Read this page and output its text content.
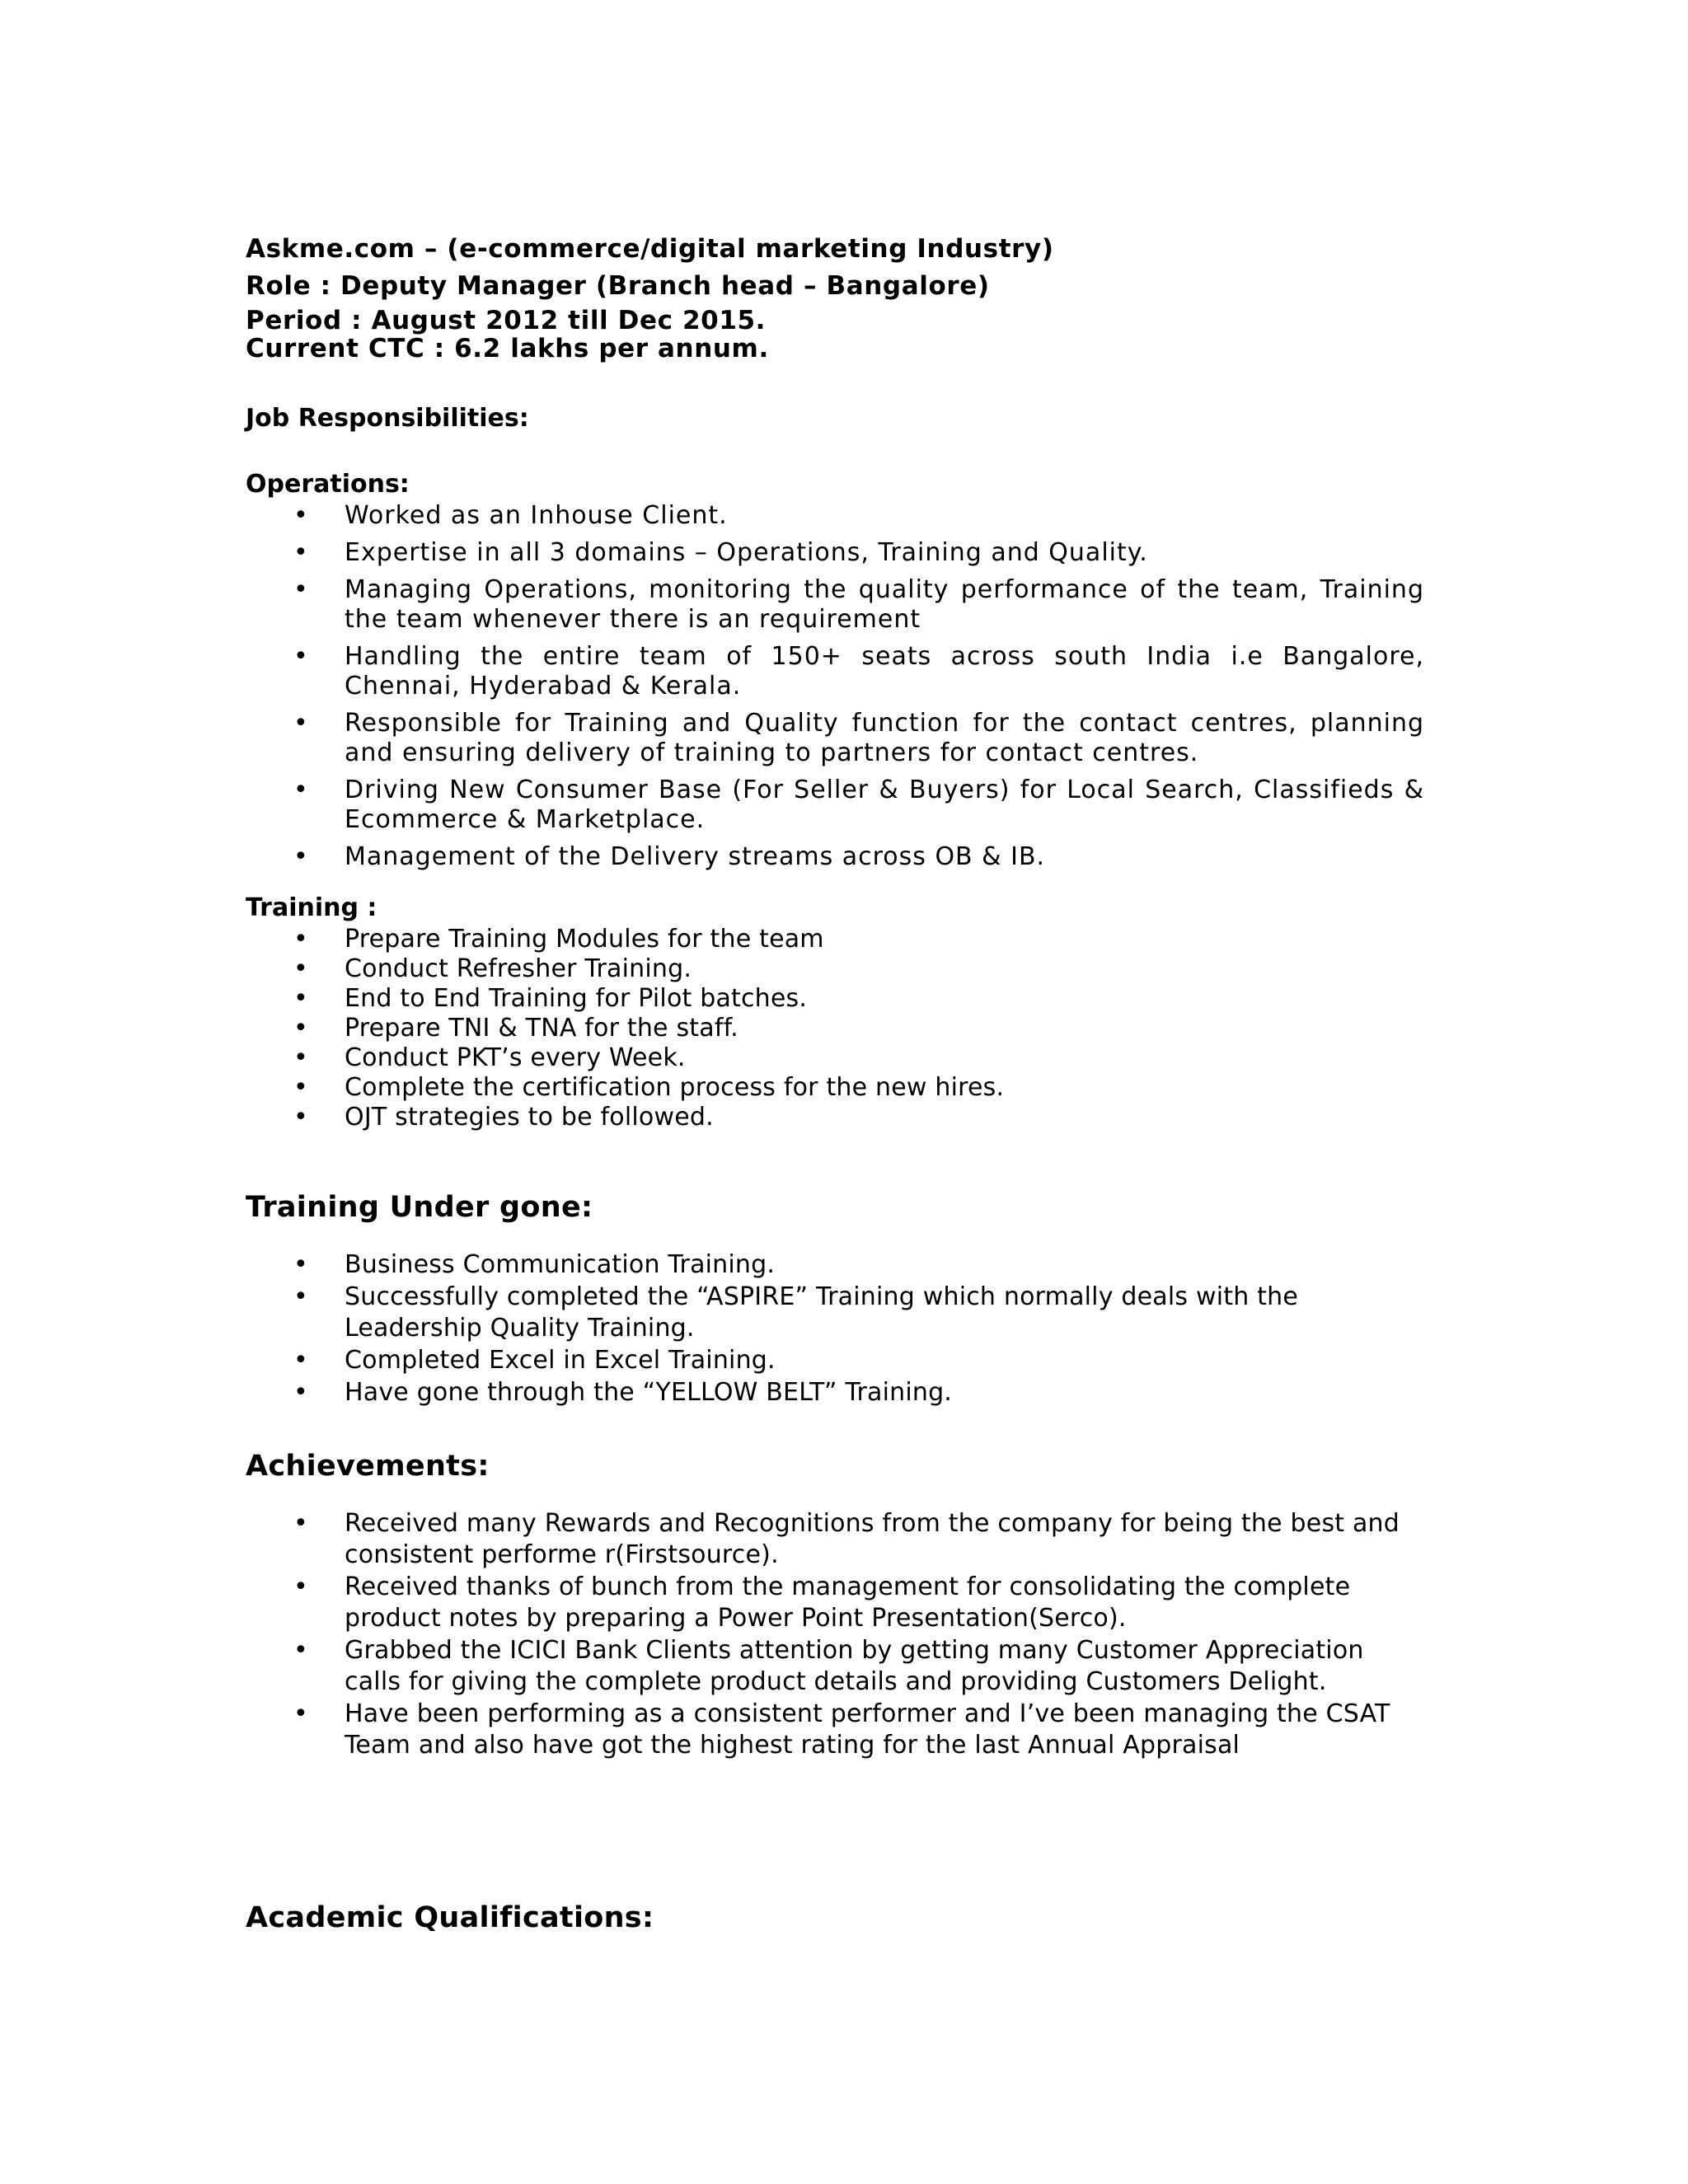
Askme.com – (e-commerce/digital marketing Industry)

Role : Deputy Manager (Branch head – Bangalore)

Period : August 2012 till Dec 2015.

Current CTC : 6.2 lakhs per annum.

Job Responsibilities:

Operations:

• Worked as an Inhouse Client.
• Expertise in all 3 domains – Operations, Training and Quality.
• Managing Operations, monitoring the quality performance of the team, Training the team whenever there is an requirement
• Handling the entire team of 150+ seats across south India i.e Bangalore, Chennai, Hyderabad & Kerala.
• Responsible for Training and Quality function for the contact centres, planning and ensuring delivery of training to partners for contact centres.
• Driving New Consumer Base (For Seller & Buyers) for Local Search, Classifieds & Ecommerce & Marketplace.
• Management of the Delivery streams across OB & IB.

Training :

• Prepare Training Modules for the team
• Conduct Refresher Training.
• End to End Training for Pilot batches.
• Prepare TNI & TNA for the staff.
• Conduct PKT’s every Week.
• Complete the certification process for the new hires.
• OJT strategies to be followed.

Training Under gone:

• Business Communication Training.
• Successfully completed the “ASPIRE” Training which normally deals with the Leadership Quality Training.
• Completed Excel in Excel Training.
• Have gone through the “YELLOW BELT” Training.

Achievements:

• Received many Rewards and Recognitions from the company for being the best and consistent performe r(Firstsource).
• Received thanks of bunch from the management for consolidating the complete product notes by preparing a Power Point Presentation(Serco).
• Grabbed the ICICI Bank Clients attention by getting many Customer Appreciation calls for giving the complete product details and providing Customers Delight.
• Have been performing as a consistent performer and I’ve been managing the CSAT Team and also have got the highest rating for the last Annual Appraisal

Academic Qualifications:
